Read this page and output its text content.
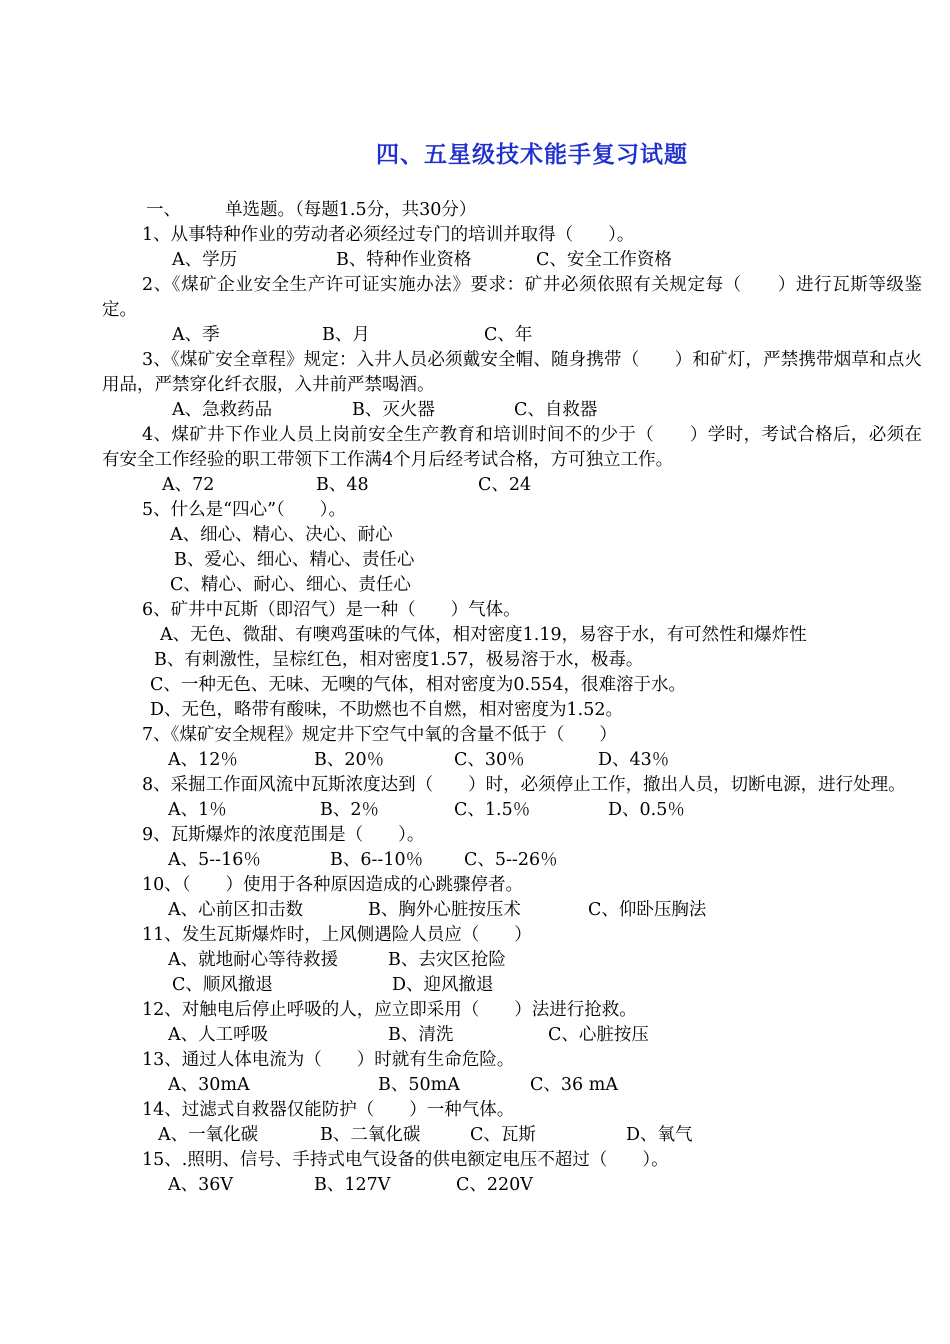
四、五星级技术能手复习试题
一、	单选题。（每题1.5分，共30分）
1、从事特种作业的劳动者必须经过专门的培训并取得（　　）。
A、学历	B、特种作业资格	C、安全工作资格
2、《煤矿企业安全生产许可证实施办法》要求：矿井必须依照有关规定每（　　）进行瓦斯等级鉴定。
A、季	B、月	C、年
3、《煤矿安全章程》规定：入井人员必须戴安全帽、随身携带（　　）和矿灯，严禁携带烟草和点火用品，严禁穿化纤衣服，入井前严禁喝酒。
A、急救药品	B、灭火器	C、自救器
4、煤矿井下作业人员上岗前安全生产教育和培训时间不的少于（　　）学时，考试合格后，必须在有安全工作经验的职工带领下工作满4个月后经考试合格，方可独立工作。
A、72	B、48	C、24
5、什么是“四心”（　　）。
A、细心、精心、决心、耐心
B、爱心、细心、精心、责任心
C、精心、耐心、细心、责任心
6、矿井中瓦斯（即沼气）是一种（　　）气体。
A、无色、微甜、有噢鸡蛋味的气体，相对密度1.19，易容于水，有可然性和爆炸性
B、有刺激性，呈棕红色，相对密度1.57，极易溶于水，极毒。
C、一种无色、无味、无噢的气体，相对密度为0.554，很难溶于水。
D、无色，略带有酸味，不助燃也不自燃，相对密度为1.52。
7、《煤矿安全规程》规定井下空气中氧的含量不低于（　　）
A、12％	B、20％	C、30％	D、43％
8、采掘工作面风流中瓦斯浓度达到（　　）时，必须停止工作，撤出人员，切断电源，进行处理。
A、1％	B、2％	C、1.5％	D、0.5％
9、瓦斯爆炸的浓度范围是（　　）。
A、5--16％	B、6--10％	C、5--26％
10、（　　）使用于各种原因造成的心跳骤停者。
A、心前区扣击数	B、胸外心脏按压术	C、仰卧压胸法
11、发生瓦斯爆炸时，上风侧遇险人员应（　　）
A、就地耐心等待救援	B、去灾区抢险
C、顺风撤退	D、迎风撤退
12、对触电后停止呼吸的人，应立即采用（　　）法进行抢救。
A、人工呼吸	B、清洗	C、心脏按压
13、通过人体电流为（　　）时就有生命危险。
A、30mA	B、50mA	C、36 mA
14、过滤式自救器仅能防护（　　）一种气体。
A、一氧化碳	B、二氧化碳	C、瓦斯	D、氧气
15、.照明、信号、手持式电气设备的供电额定电压不超过（　　）。
A、36V	B、127V	C、220V
